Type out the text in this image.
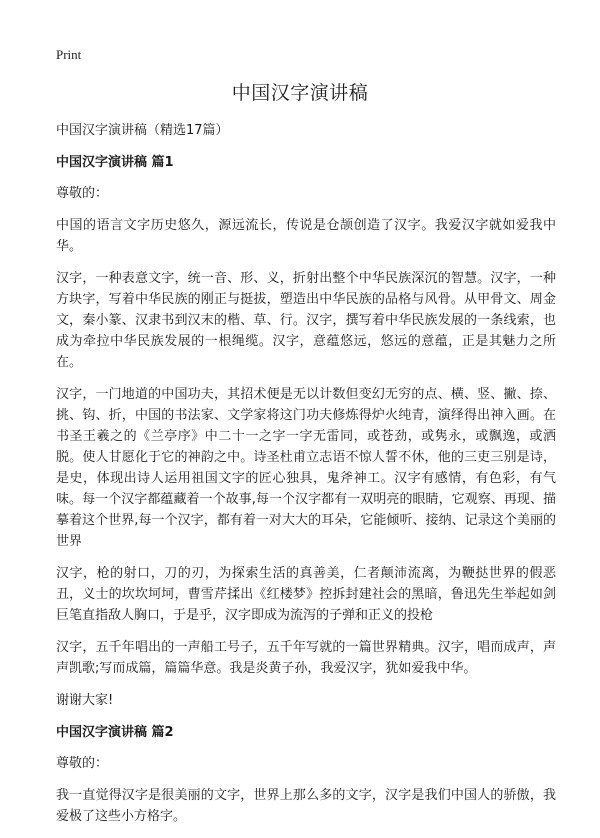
Print
中国汉字演讲稿

中国汉字演讲稿（精选17篇）

中国汉字演讲稿 篇1

尊敬的：

中国的语言文字历史悠久，源远流长，传说是仓颉创造了汉字。我爱汉字就如爱我中华。

汉字，一种表意文字，统一音、形、义，折射出整个中华民族深沉的智慧。汉字，一种方块字，写着中华民族的刚正与挺拔，塑造出中华民族的品格与风骨。从甲骨文、周金文，秦小篆、汉隶书到汉末的楷、草、行。汉字，撰写着中华民族发展的一条线索，也成为牵拉中华民族发展的一根绳缆。汉字，意蕴悠远，悠远的意蕴，正是其魅力之所在。

汉字，一门地道的中国功夫，其招术便是无以计数但变幻无穷的点、横、竖、撇、捺、挑、钩、折，中国的书法家、文学家将这门功夫修炼得炉火纯青，演绎得出神入画。在书圣王羲之的《兰亭序》中二十一之字一字无雷同，或苍劲，或隽永，或飘逸，或洒脱。使人甘愿化于它的神韵之中。诗圣杜甫立志语不惊人誓不休，他的三吏三别是诗，是史，体现出诗人运用祖国文字的匠心独具，鬼斧神工。汉字有感情，有色彩，有气味。每一个汉字都蕴藏着一个故事,每一个汉字都有一双明亮的眼睛，它观察、再现、描摹着这个世界,每一个汉字，都有着一对大大的耳朵，它能倾听、接纳、记录这个美丽的世界

汉字，枪的射口，刀的刃，为探索生活的真善美，仁者颠沛流离，为鞭挞世界的假恶丑，义士的坎坎坷坷，曹雪芹揉出《红楼梦》控拆封建社会的黑暗，鲁迅先生举起如剑巨笔直指敌人胸口，于是乎，汉字即成为流泻的子弹和正义的投枪

汉字，五千年唱出的一声船工号子，五千年写就的一篇世界精典。汉字，唱而成声，声声凯歌;写而成篇，篇篇华意。我是炎黄子孙，我爱汉字，犹如爱我中华。

谢谢大家!

中国汉字演讲稿 篇2

尊敬的：

我一直觉得汉字是很美丽的文字，世界上那么多的文字，汉字是我们中国人的骄傲，我爱极了这些小方格字。
